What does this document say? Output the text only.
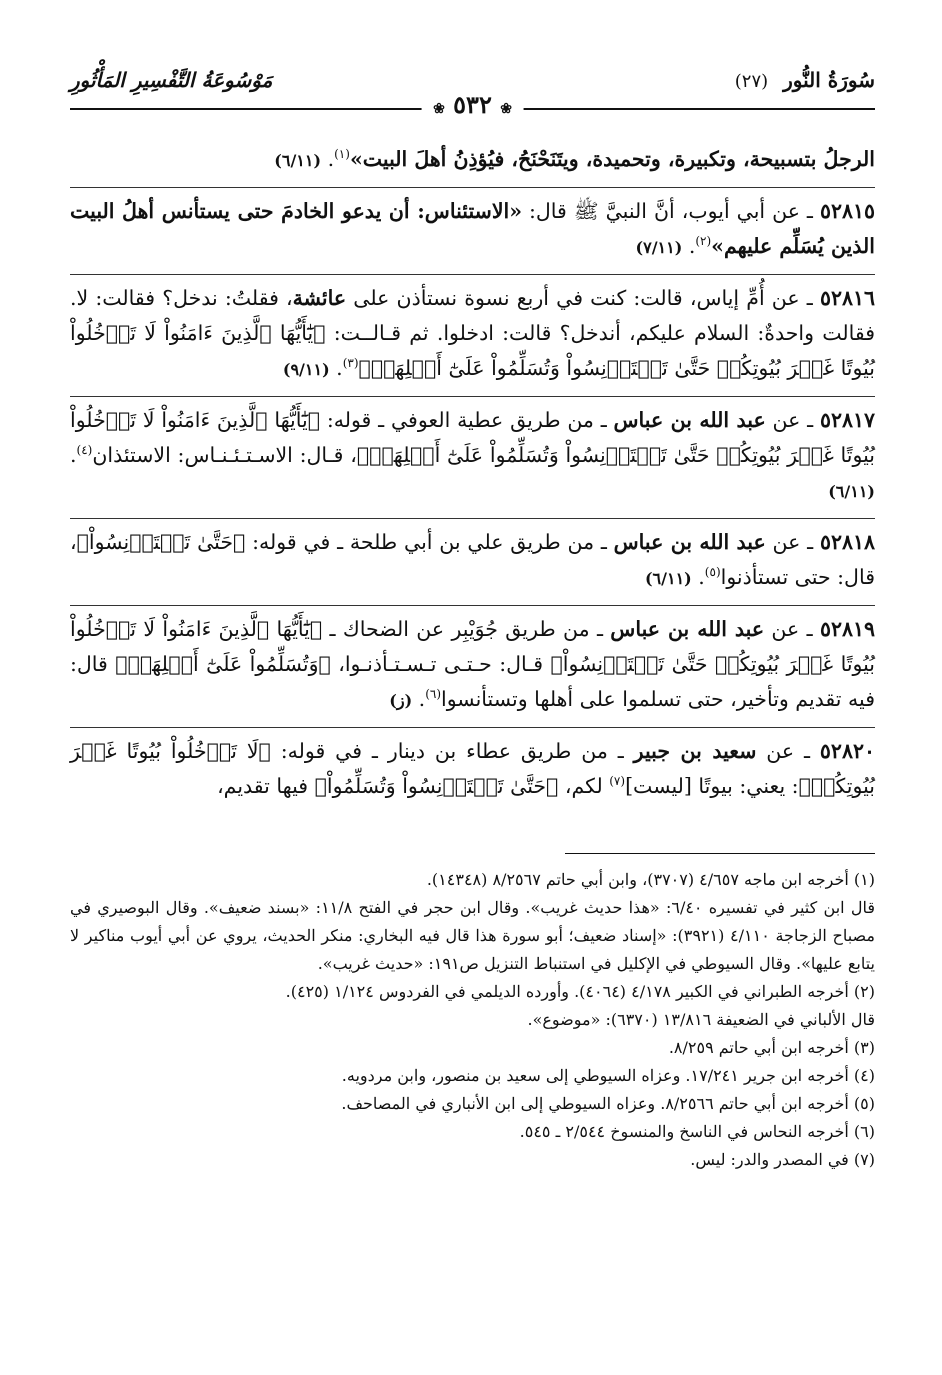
سُورَةُ النُّور (٢٧)
❀ ٥٣٢ ❀
مَوْسُوعَةُ التَّفْسِيرِ المَأْثُورِ
الرجلُ بتسبيحة، وتكبيرة، وتحميدة، ويتَنَحْنَحُ، فيُؤذِنُ أهلَ البيت»$^{(١)}$. (٦/١١)
٥٢٨١٥ ـ عن أبي أيوب، أنَّ النبيَّ ﷺ قال: «الاستئناس: أن يدعو الخادمَ حتى يستأنس أهلُ البيت الذين يُسَلِّم عليهم»$^{(٢)}$. (٧/١١)
٥٢٨١٦ ـ عن أُمِّ إياس، قالت: كنت في أربع نسوة نستأذن على عائشة، فقلتُ: ندخل؟ فقالت: لا. فقالت واحدةٌ: السلام عليكم، أندخل؟ قالت: ادخلوا. ثم قـالــت: ﴿يَٰٓأَيُّهَا ٱلَّذِينَ ءَامَنُواْ لَا تَدۡخُلُواْ بُيُوتًا غَيۡرَ بُيُوتِكُمۡ حَتَّىٰ تَسۡتَأۡنِسُواْ وَتُسَلِّمُواْ عَلَىٰٓ أَهۡلِهَاۚ﴾$^{(٣)}$. (٩/١١)
٥٢٨١٧ ـ عن عبد الله بن عباس ـ من طريق عطية العوفي ـ قوله: ﴿يَٰٓأَيُّهَا ٱلَّذِينَ ءَامَنُواْ لَا تَدۡخُلُواْ بُيُوتًا غَيۡرَ بُيُوتِكُمۡ حَتَّىٰ تَسۡتَأۡنِسُواْ وَتُسَلِّمُواْ عَلَىٰٓ أَهۡلِهَاۚ﴾، قـال: الاسـتـئـنـاس: الاستئذان$^{(٤)}$. (٦/١١)
٥٢٨١٨ ـ عن عبد الله بن عباس ـ من طريق علي بن أبي طلحة ـ في قوله: ﴿حَتَّىٰ تَسۡتَأۡنِسُواْ﴾، قال: حتى تستأذنوا$^{(٥)}$. (٦/١١)
٥٢٨١٩ ـ عن عبد الله بن عباس ـ من طريق جُوَيْبِر عن الضحاك ـ ﴿يَٰٓأَيُّهَا ٱلَّذِينَ ءَامَنُواْ لَا تَدۡخُلُواْ بُيُوتًا غَيۡرَ بُيُوتِكُمۡ حَتَّىٰ تَسۡتَأۡنِسُواْ﴾ قـال: حـتـى تـسـتـأذنـوا، ﴿وَتُسَلِّمُواْ عَلَىٰٓ أَهۡلِهَاۚ﴾ قال: فيه تقديم وتأخير، حتى تسلموا على أهلها وتستأنسوا$^{(٦)}$. (ز)
٥٢٨٢٠ ـ عن سعيد بن جبير ـ من طريق عطاء بن دينار ـ في قوله: ﴿لَا تَدۡخُلُواْ بُيُوتًا غَيۡرَ بُيُوتِكُمۡ﴾: يعني: بيوتًا [ليست]$^{(٧)}$ لكم، ﴿حَتَّىٰ تَسۡتَأۡنِسُواْ وَتُسَلِّمُواْ﴾ فيها تقديم،

(١) أخرجه ابن ماجه ٤/٦٥٧ (٣٧٠٧)، وابن أبي حاتم ٨/٢٥٦٧ (١٤٣٤٨).

قال ابن كثير في تفسيره ٦/٤٠: «هذا حديث غريب». وقال ابن حجر في الفتح ١١/٨: «بسند ضعيف». وقال البوصيري في مصباح الزجاجة ٤/١١٠ (٣٩٢١): «إسناد ضعيف؛ أبو سورة هذا قال فيه البخاري: منكر الحديث، يروي عن أبي أيوب مناكير لا يتابع عليها». وقال السيوطي في الإكليل في استنباط التنزيل ص١٩١: «حديث غريب».

(٢) أخرجه الطبراني في الكبير ٤/١٧٨ (٤٠٦٤). وأورده الديلمي في الفردوس ١/١٢٤ (٤٢٥).

قال الألباني في الضعيفة ١٣/٨١٦ (٦٣٧٠): «موضوع».

(٣) أخرجه ابن أبي حاتم ٨/٢٥٩.

(٤) أخرجه ابن جرير ١٧/٢٤١. وعزاه السيوطي إلى سعيد بن منصور، وابن مردويه.

(٥) أخرجه ابن أبي حاتم ٨/٢٥٦٦. وعزاه السيوطي إلى ابن الأنباري في المصاحف.

(٦) أخرجه النحاس في الناسخ والمنسوخ ٢/٥٤٤ ـ ٥٤٥.

(٧) في المصدر والدر: ليس.
